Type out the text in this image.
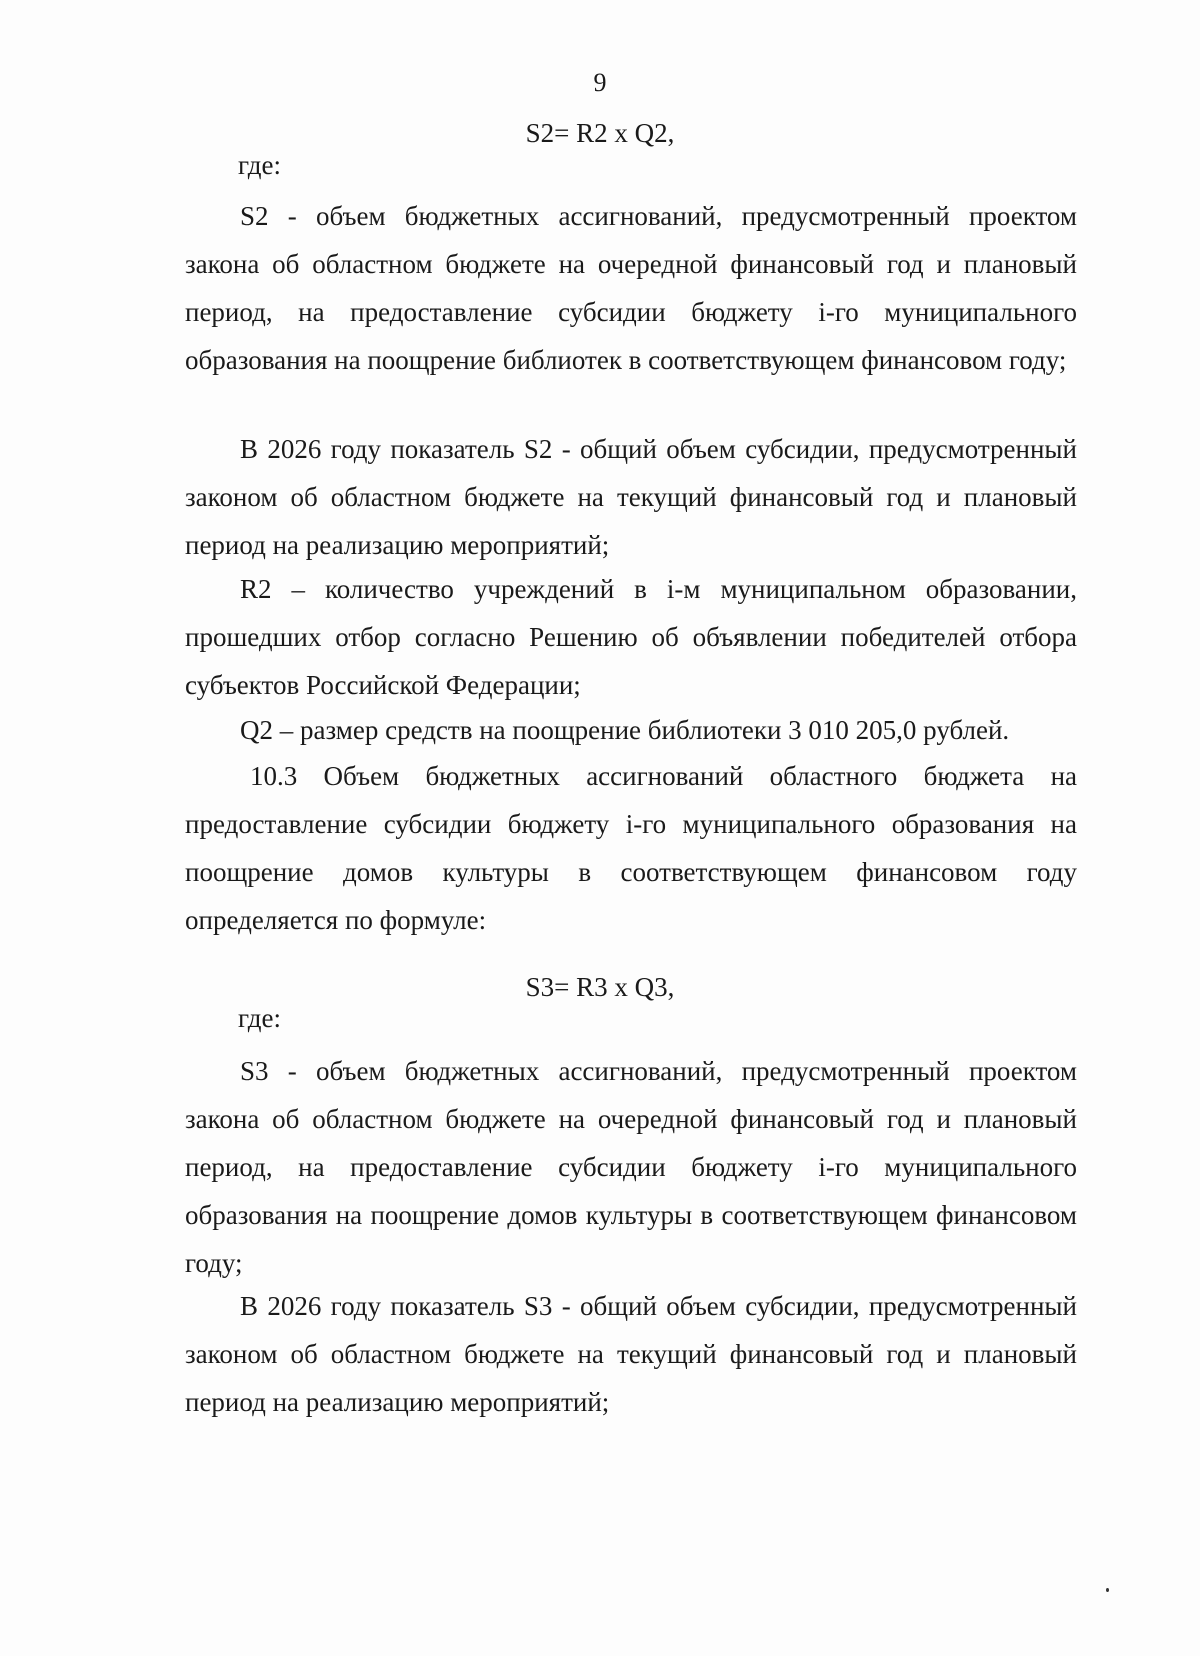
9
S2= R2 x Q2,
где:

S2 - объем бюджетных ассигнований, предусмотренный проектом закона об областном бюджете на очередной финансовый год и плановый период, на предоставление субсидии бюджету i-го муниципального образования на поощрение библиотек в соответствующем финансовом году;

В 2026 году показатель S2 - общий объем субсидии, предусмотренный законом об областном бюджете на текущий финансовый год и плановый период на реализацию мероприятий;

R2 – количество учреждений в i-м муниципальном образовании, прошедших отбор согласно Решению об объявлении победителей отбора субъектов Российской Федерации;

Q2 – размер средств на поощрение библиотеки 3 010 205,0 рублей.

10.3 Объем бюджетных ассигнований областного бюджета на предоставление субсидии бюджету i-го муниципального образования на поощрение домов культуры в соответствующем финансовом году определяется по формуле:

S3= R3 x Q3,
где:

S3 - объем бюджетных ассигнований, предусмотренный проектом закона об областном бюджете на очередной финансовый год и плановый период, на предоставление субсидии бюджету i-го муниципального образования на поощрение домов культуры в соответствующем финансовом году;

В 2026 году показатель S3 - общий объем субсидии, предусмотренный законом об областном бюджете на текущий финансовый год и плановый период на реализацию мероприятий;
